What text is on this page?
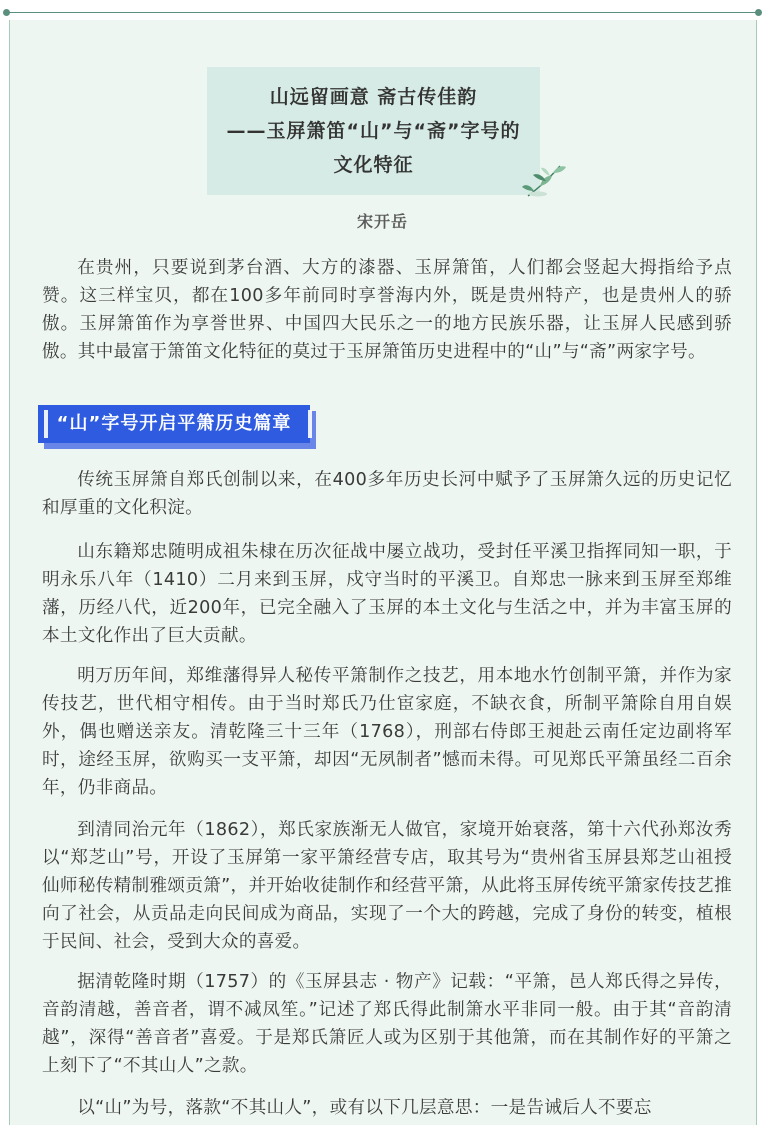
山远留画意 斋古传佳韵
——玉屏箫笛“山”与“斋”字号的
文化特征
宋开岳

在贵州，只要说到茅台酒、大方的漆器、玉屏箫笛，人们都会竖起大拇指给予点赞。这三样宝贝，都在100多年前同时享誉海内外，既是贵州特产，也是贵州人的骄傲。玉屏箫笛作为享誉世界、中国四大民乐之一的地方民族乐器，让玉屏人民感到骄傲。其中最富于箫笛文化特征的莫过于玉屏箫笛历史进程中的“山”与“斋”两家字号。

“山”字号开启平箫历史篇章

传统玉屏箫自郑氏创制以来，在400多年历史长河中赋予了玉屏箫久远的历史记忆和厚重的文化积淀。

山东籍郑忠随明成祖朱棣在历次征战中屡立战功，受封任平溪卫指挥同知一职，于明永乐八年（1410）二月来到玉屏，戍守当时的平溪卫。自郑忠一脉来到玉屏至郑维藩，历经八代，近200年，已完全融入了玉屏的本土文化与生活之中，并为丰富玉屏的本土文化作出了巨大贡献。

明万历年间，郑维藩得异人秘传平箫制作之技艺，用本地水竹创制平箫，并作为家传技艺，世代相守相传。由于当时郑氏乃仕宦家庭，不缺衣食，所制平箫除自用自娱外，偶也赠送亲友。清乾隆三十三年（1768），刑部右侍郎王昶赴云南任定边副将军时，途经玉屏，欲购买一支平箫，却因“无夙制者”憾而未得。可见郑氏平箫虽经二百余年，仍非商品。

到清同治元年（1862），郑氏家族渐无人做官，家境开始衰落，第十六代孙郑汝秀以“郑芝山”号，开设了玉屏第一家平箫经营专店，取其号为“贵州省玉屏县郑芝山祖授仙师秘传精制雅颂贡箫”，并开始收徒制作和经营平箫，从此将玉屏传统平箫家传技艺推向了社会，从贡品走向民间成为商品，实现了一个大的跨越，完成了身份的转变，植根于民间、社会，受到大众的喜爱。

据清乾隆时期（1757）的《玉屏县志 · 物产》记载：“平箫，邑人郑氏得之异传，音韵清越，善音者，谓不减凤笙。”记述了郑氏得此制箫水平非同一般。由于其“音韵清越”，深得“善音者”喜爱。于是郑氏箫匠人或为区别于其他箫，而在其制作好的平箫之上刻下了“不其山人”之款。

以“山”为号，落款“不其山人”，或有以下几层意思：一是告诫后人不要忘
